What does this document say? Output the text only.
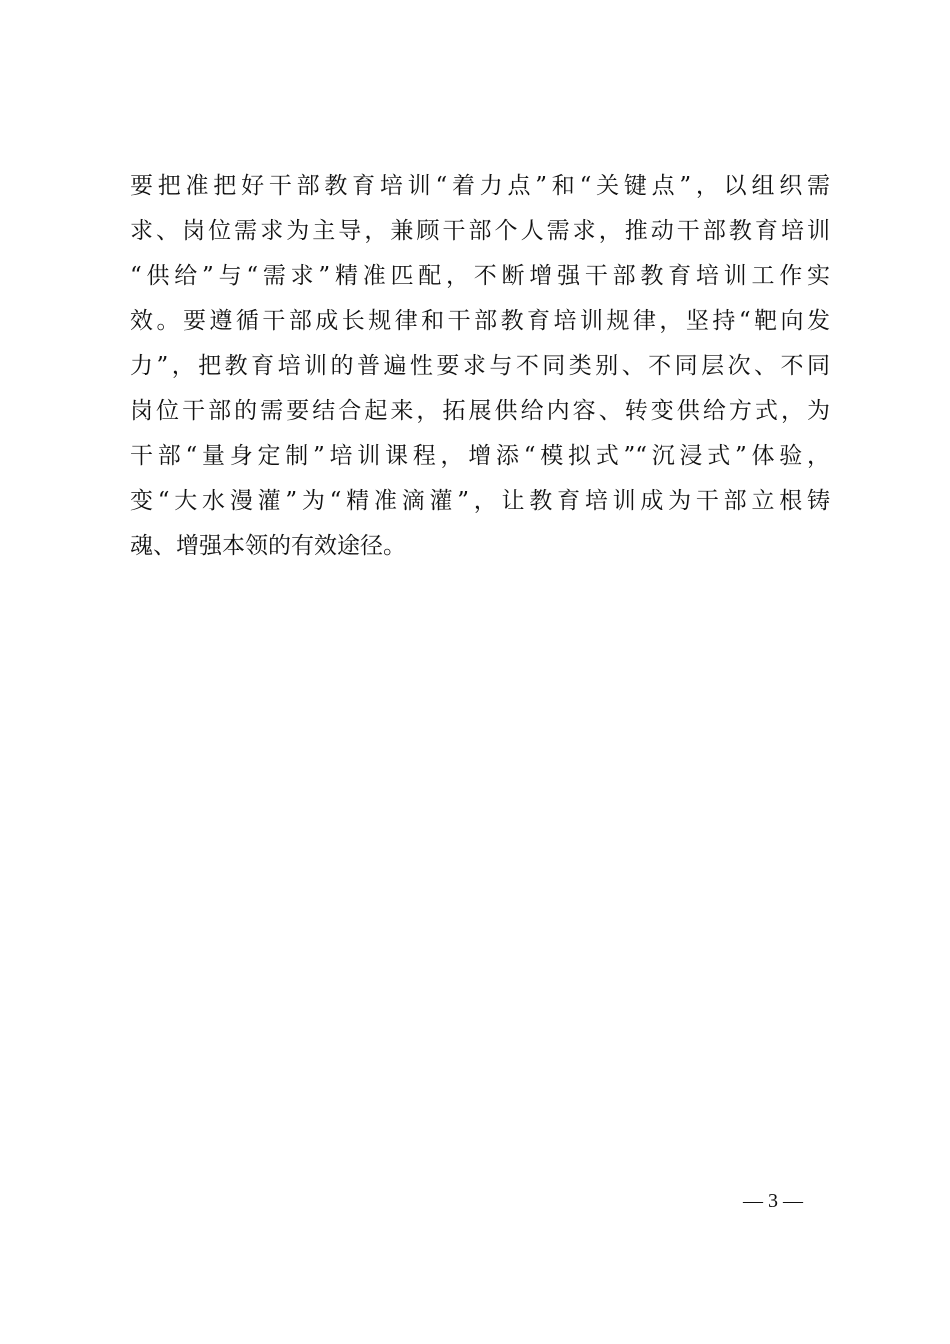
要把准把好干部教育培训“着力点”和“关键点”，以组织需
求、岗位需求为主导，兼顾干部个人需求，推动干部教育培训
“供给”与“需求”精准匹配，不断增强干部教育培训工作实
效。要遵循干部成长规律和干部教育培训规律，坚持“靶向发
力”，把教育培训的普遍性要求与不同类别、不同层次、不同
岗位干部的需要结合起来，拓展供给内容、转变供给方式，为
干部“量身定制”培训课程，增添“模拟式”“沉浸式”体验，
变“大水漫灌”为“精准滴灌”，让教育培训成为干部立根铸
魂、增强本领的有效途径。
— 3 —
